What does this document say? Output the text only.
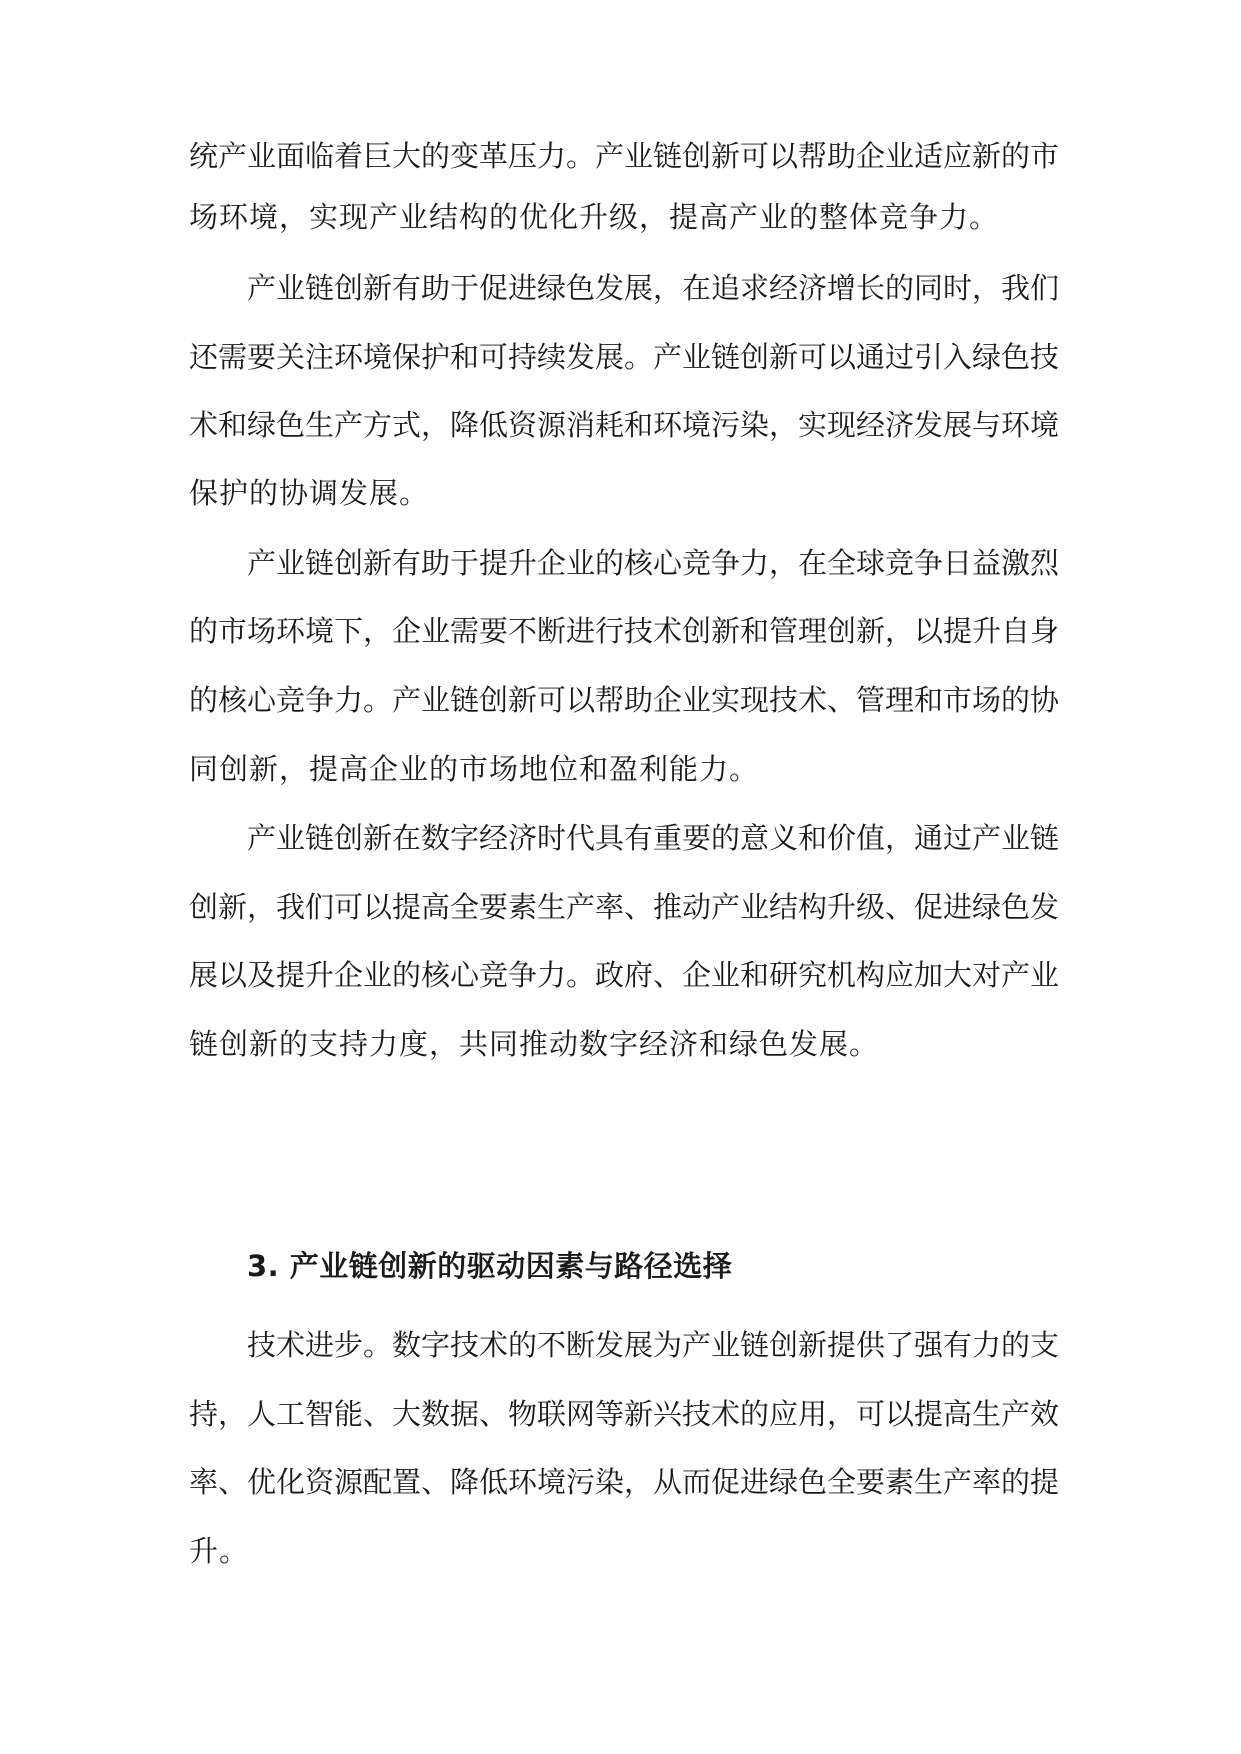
统产业面临着巨大的变革压力。产业链创新可以帮助企业适应新的市
场环境，实现产业结构的优化升级，提高产业的整体竞争力。
产业链创新有助于促进绿色发展，在追求经济增长的同时，我们
还需要关注环境保护和可持续发展。产业链创新可以通过引入绿色技
术和绿色生产方式，降低资源消耗和环境污染，实现经济发展与环境
保护的协调发展。
产业链创新有助于提升企业的核心竞争力，在全球竞争日益激烈
的市场环境下，企业需要不断进行技术创新和管理创新，以提升自身
的核心竞争力。产业链创新可以帮助企业实现技术、管理和市场的协
同创新，提高企业的市场地位和盈利能力。
产业链创新在数字经济时代具有重要的意义和价值，通过产业链
创新，我们可以提高全要素生产率、推动产业结构升级、促进绿色发
展以及提升企业的核心竞争力。政府、企业和研究机构应加大对产业
链创新的支持力度，共同推动数字经济和绿色发展。
3. 产业链创新的驱动因素与路径选择
技术进步。数字技术的不断发展为产业链创新提供了强有力的支
持，人工智能、大数据、物联网等新兴技术的应用，可以提高生产效
率、优化资源配置、降低环境污染，从而促进绿色全要素生产率的提
升。
